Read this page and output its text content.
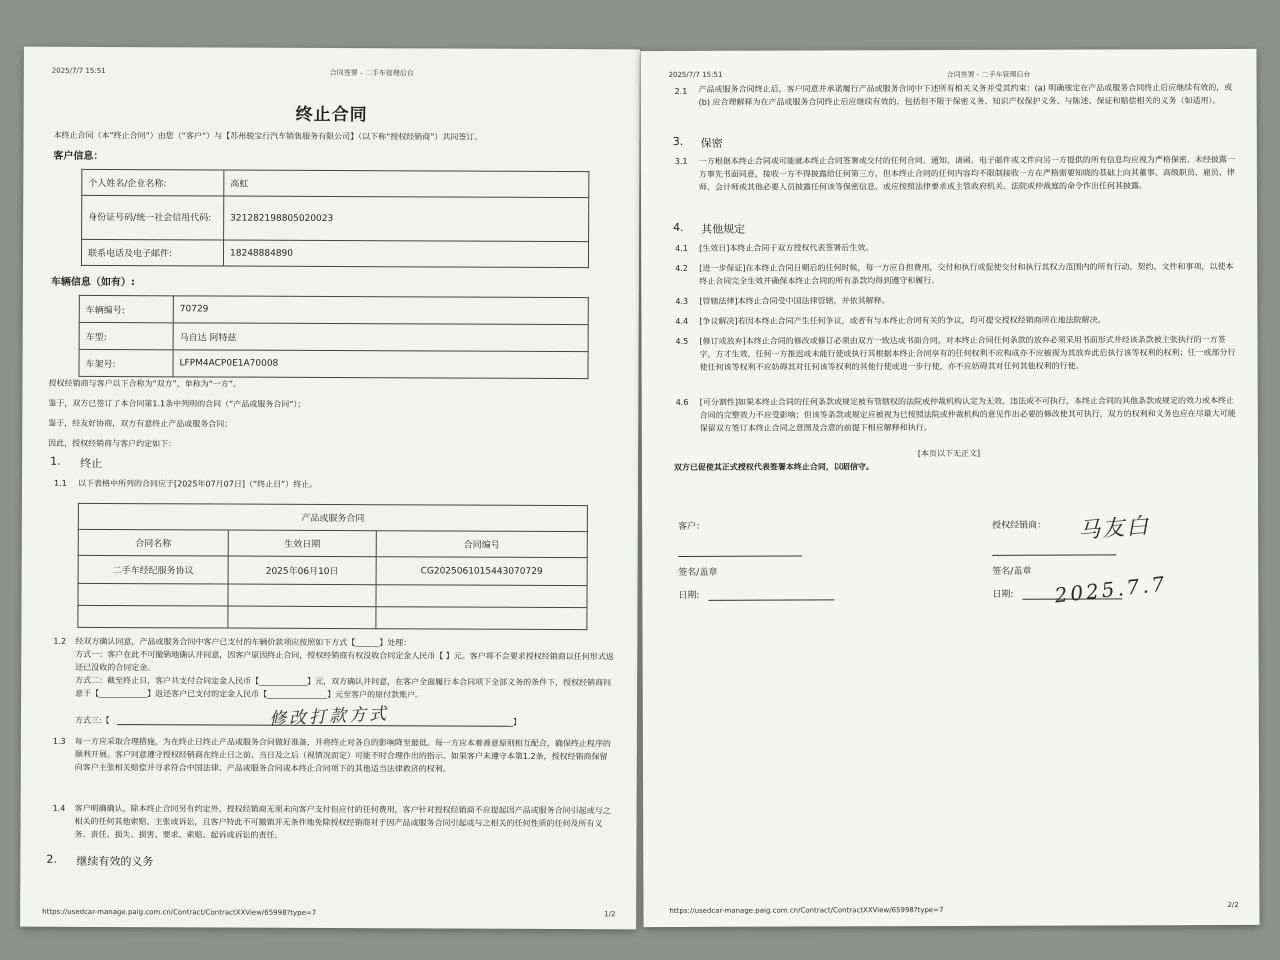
2025/7/7 15:51	合同签署 - 二手车管理后台
终止合同
本终止合同（本“终止合同”）由您（“客户”）与【苏州骏宝行汽车销售服务有限公司】（以下称“授权经销商”）共同签订。
客户信息：
个人姓名/企业名称:	高虹
身份证号码/统一社会信用代码:	321282198805020023
联系电话及电子邮件:	18248884890
车辆信息（如有）:
车辆编号:	70729
车型:	马自达 阿特兹
车架号:	LFPM4ACP0E1A70008
授权经销商与客户以下合称为“双方”，单称为“一方”。
鉴于，双方已签订了本合同第1.1条中列明的合同（“产品或服务合同”）；
鉴于，经友好协商，双方有意终止产品或服务合同；
因此，授权经销商与客户约定如下：
1. 终止
1.1 以下表格中所列的合同应于[2025年07月07日]（“终止日”）终止。
产品或服务合同		
合同名称	生效日期	合同编号
二手车经纪服务协议	2025年06月10日	CG2025061015443070729

1.2 经双方确认同意，产品或服务合同中客户已支付的车辆价款项应按照如下方式【______】处理：
方式一：客户在此不可撤销地确认并同意，因客户原因终止合同，授权经销商有权没收合同定金人民币【 】元。客户将不会要求授权经销商以任何形式返还已没收的合同定金。
方式二：截至终止日，客户共支付合同定金人民币【____________】元，双方确认并同意，在客户全面履行本合同项下全部义务的条件下，授权经销商同意于【____________】返还客户已支付的定金人民币【_______________】元至客户的原付款账户。
方式三:【	】
修改打款方式
1.3 每一方应采取合理措施，为在终止日终止产品或服务合同做好准备，并将终止对各自的影响降至最低。每一方应本着善意原则相互配合，确保终止程序的顺利开展。客户同意遵守授权经销商在终止日之前、当日及之后（视情况而定）可能不时合理作出的指示。如果客户未遵守本第1.2条，授权经销商保留向客户主张相关赔偿并寻求符合中国法律、产品或服务合同或本终止合同项下的其他适当法律救济的权利。
1.4 客户明确确认，除本终止合同另有约定外，授权经销商无须未向客户支付但应付的任何费用，客户针对授权经销商不应提起因产品或服务合同引起或与之相关的任何其他索赔、主张或诉讼，且客户特此不可撤销并无条件地免除授权经销商对于因产品或服务合同引起或与之相关的任何性质的任何及所有义务、责任、损失、损害、要求、索赔、起诉或诉讼的责任。
2. 继续有效的义务
https://usedcar-manage.paig.com.cn/Contract/ContractXXView/65998?type=7	1/2
2025/7/7 15:51	合同签署 - 二手车管理后台
2.1 产品或服务合同终止后，客户同意并承诺履行产品或服务合同中下述所有相关义务并受其约束：(a) 明确规定在产品或服务合同终止后应继续有效的，或 (b) 应合理解释为在产品或服务合同终止后应继续有效的，包括但不限于保密义务、知识产权保护义务、与陈述、保证和赔偿相关的义务（如适用）。
3. 保密
3.1 一方根据本终止合同或可能就本终止合同签署或交付的任何合同、通知、请函、电子邮件或文件向另一方提供的所有信息均应视为严格保密，未经披露一方事先书面同意，接收一方不得披露给任何第三方，但本终止合同的任何内容均不限制接收一方在严格需要知晓的基础上向其董事、高级职员、雇员、律师、会计师或其他必要人员披露任何该等保密信息，或应按照法律要求或主管政府机关、法院或仲裁庭的命令作出任何其披露。
4. 其他规定
4.1 [生效日]本终止合同于双方授权代表签署后生效。
4.2 [进一步保证]在本终止合同日期后的任何时候，每一方应自担费用，交付和执行或促使交付和执行其权力范围内的所有行动、契约、文件和事项，以使本终止合同完全生效并确保本终止合同的所有条款均得到遵守和履行。
4.3 [管辖法律]本终止合同受中国法律管辖，并依其解释。
4.4 [争议解决]若因本终止合同产生任何争议，或者有与本终止合同有关的争议，均可提交授权经销商所在地法院解决。
4.5 [修订或放弃]本终止合同的修改或修订必须由双方一致达成书面合同。对本终止合同任何条款的放弃必须采用书面形式并经该条款被主张执行的一方签字，方才生效。任何一方推迟或未能行使或执行其根据本终止合同享有的任何权利不应构成亦不应被视为其放弃此后执行该等权利的权利；任一或部分行使任何该等权利不应妨碍其对任何该等权利的其他行使或进一步行使，亦不应妨碍其对任何其他权利的行使。
4.6 [可分割性]如果本终止合同的任何条款或规定被有管辖权的法院或仲裁机构认定为无效、违法或不可执行，本终止合同的其他条款或规定的效力或本终止合同的完整效力不应受影响；但该等条款或规定应被视为已按照法院或仲裁机构的意见作出必要的修改使其可执行，双方的权利和义务也应在尽最大可能保留双方签订本终止合同之意图及合意的前提下相应解释和执行。
[本页以下无正文]
双方已促使其正式授权代表签署本终止合同，以昭信守。
客户：
签名/盖章
日期:
授权经销商： 马友白
签名/盖章
日期: 2025.7.7
https://usedcar-manage.paig.com.cn/Contract/ContractXXView/65998?type=7
2/2
